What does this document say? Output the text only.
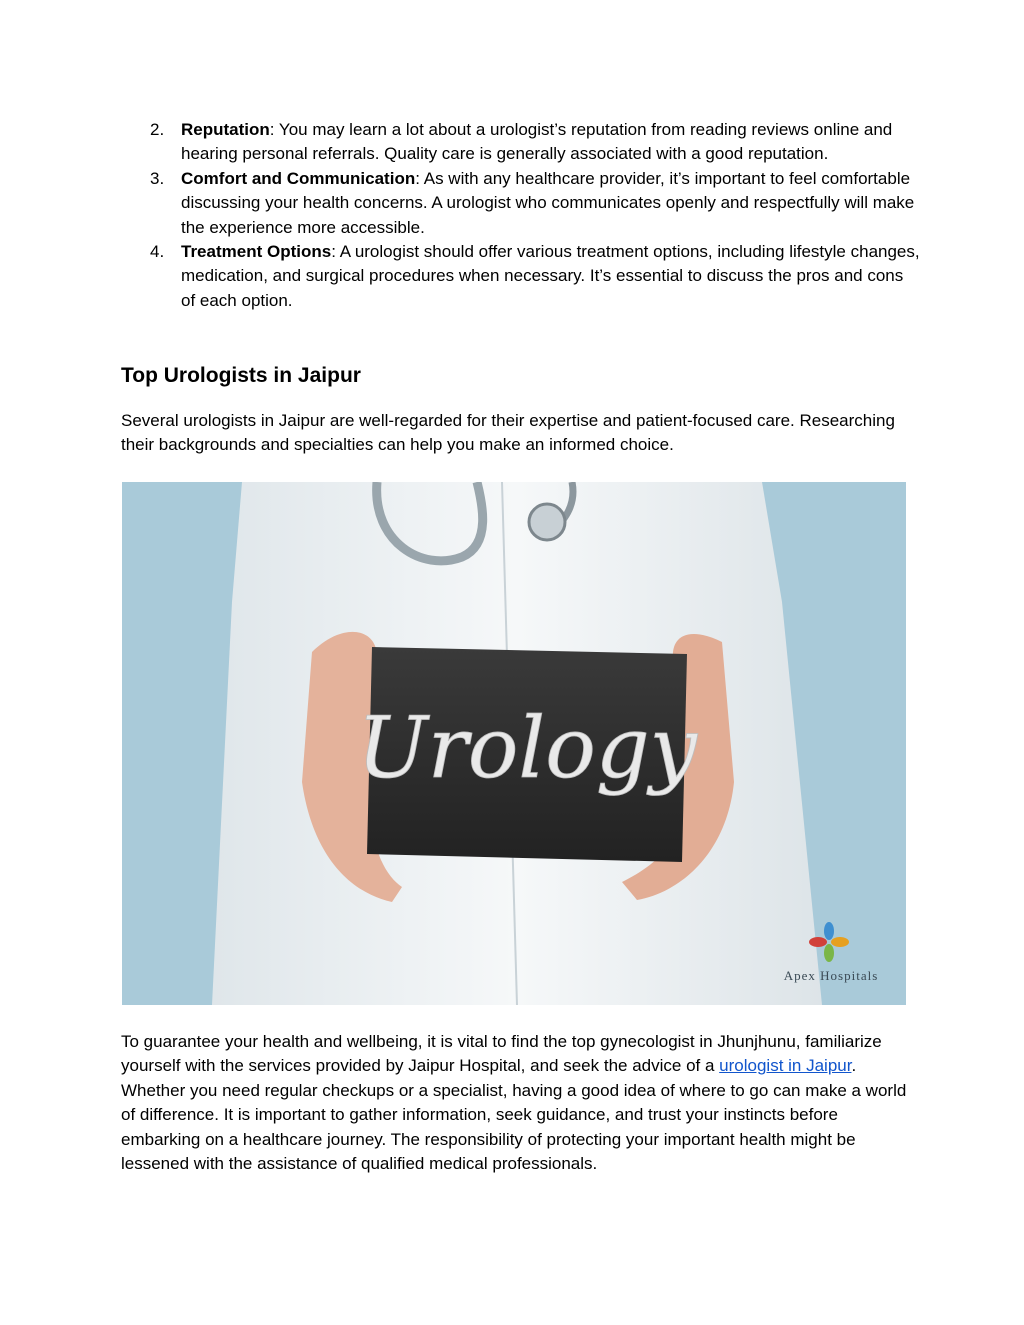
2. Reputation: You may learn a lot about a urologist’s reputation from reading reviews online and hearing personal referrals. Quality care is generally associated with a good reputation.
3. Comfort and Communication: As with any healthcare provider, it’s important to feel comfortable discussing your health concerns. A urologist who communicates openly and respectfully will make the experience more accessible.
4. Treatment Options: A urologist should offer various treatment options, including lifestyle changes, medication, and surgical procedures when necessary. It’s essential to discuss the pros and cons of each option.
Top Urologists in Jaipur

Several urologists in Jaipur are well-regarded for their expertise and patient-focused care. Researching their backgrounds and specialties can help you make an informed choice.

Urology
Apex Hospitals

To guarantee your health and wellbeing, it is vital to find the top gynecologist in Jhunjhunu, familiarize yourself with the services provided by Jaipur Hospital, and seek the advice of a urologist in Jaipur. Whether you need regular checkups or a specialist, having a good idea of where to go can make a world of difference. It is important to gather information, seek guidance, and trust your instincts before embarking on a healthcare journey. The responsibility of protecting your important health might be lessened with the assistance of qualified medical professionals.
